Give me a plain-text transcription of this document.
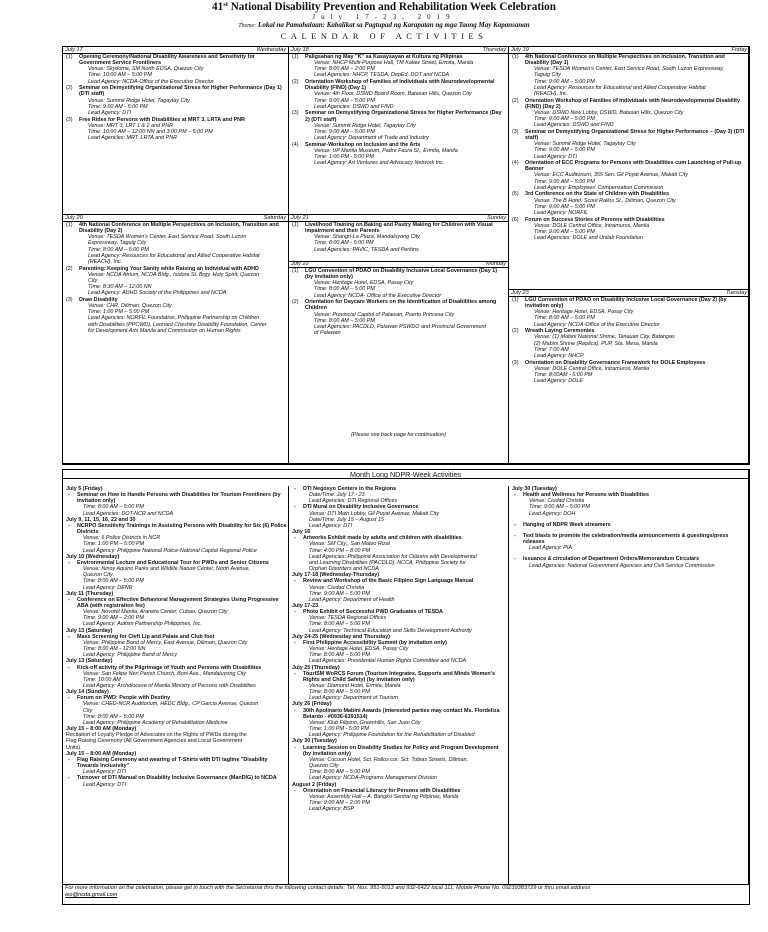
41st National Disability Prevention and Rehabilitation Week Celebration
July 17-23, 2019
Theme: Lokal na Pamahalaan: Kabalikat sa Pagtupad ng Karapatan ng mga Taong May Kapansanan
CALENDAR OF ACTIVITIES
July 17	Wednesday
(1)	Opening Ceremony/National Disability Awareness and Sensitivity for Government Service Frontliners
Venue: Skydome, SM North EDSA, Quezon City
Time: 10:00 AM – 5:00 PM
Lead Agency: NCDA-Office of the Executive Director
(2)	Seminar on Demystifying Organizational Stress for Higher Performance (Day 1) (DTI staff)
Venue: Summit Ridge Hotel, Tagaytay City
Time: 9:00 AM - 5:00 PM
Lead Agency: DTI
(3)	Free Rides for Persons with Disabilities at MRT 3, LRTA and PNR
Venue: MRT 3, LRT 1 & 2 and PNR
Time: 10:00 AM – 12:00 NN and 3:00 PM – 5:00 PM
Lead Agencies: MRT, LRTA and PNR
July 20	Saturday
(1)	4th National Conference on Multiple Perspectives on Inclusion, Transition and Disability (Day 2)
Venue: TESDA Women's Center, East Service Road, South Luzon
Expressway, Taguig City
Time: 8:00 AM – 5:00 PM
Lead Agency: Resources for Educational and Allied Cooperative Habitat
(REACH), Inc.
(2)	Parenting: Keeping Your Sanity while Raising an Individual with ADHD
Venue: NCDA Atrium, NCDA Bldg., Isidora St. Brgy. Holy Spirit, Quezon
City
Time: 8:30 AM – 12:00 NN
Lead Agency: ADHD Society of the Philippines and NCDA
(3)	Draw Disability
Venue: CHR, Diliman, Quezon City
Time: 1:00 PM – 5:00 PM
Lead Agencies: NORFIL Foundation, Philippine Partnership on Children
with Disabilities (PPCWD), Leonard Cheshire Disability Foundation, Center
for Development Arts Manila and Commission on Human Rights
July 18	Thursday
(1)	Paligsahan ng May "K" sa Kasaysayan at Kultura ng Pilipinas
Venue: NHCP Multi-Purpose Hall, TM Kalaw Street, Ermita, Manila
Time: 8:00 AM – 2:00 PM
Lead Agencies: NHCP, TESDA, DepEd, DOT and NCDA
(2)	Orientation Workshop of Families of Individuals with Neurodevelopmental Disability (FIND) (Day 1)
Venue: 4th Floor, DSWD Board Room, Batasan Hills, Quezon City
Time: 9:00 AM – 5:00 PM
Lead Agencies: DSWD and FIND
(3)	Seminar on Demystifying Organizational Stress for Higher Performance (Day 2) (DTI staff)
Venue: Summit Ridge Hotel, Tagaytay City
Time: 9:00 AM – 5:00 PM
Lead Agency: Department of Trade and Industry
(4)	Seminar-Workshop on Inclusion and the Arts
Venue: UP Manila Museum, Padre Faura St., Ermita, Manila
Time: 1:00 PM - 5:00 PM
Lead Agency: Art Ventures and Advocacy Network Inc.
July 21	Sunday
(1)	Livelihood Training on Baking and Pastry Making for Children with Visual Impairment and their Parents
Venue: Shangri-La Plaza, Mandaluyong City
Time: 8:00 AM - 5:00 PM
Lead Agencies: PAVIC, TESDA and Perkins
July 22	Monday
(1)	LGU Convention of PDAO on Disability Inclusive Local Governance (Day 1) (by invitation only)
Venue: Heritage Hotel, EDSA, Pasay City
Time: 8:00 AM – 5:00 PM
Lead Agency: NCDA- Office of the Executive Director
(2)	Orientation for Daycare Workers on the Identification of Disabilities among Children
Venue: Provincial Capitol of Palawan, Puerto Princesa City
Time: 8:00 AM – 5:00 PM
Lead Agencies: PACDLD, Palawan PSWDO and Provincial Government
of Palawan
(Please see back page for continuation)
July 19	Friday
(1)	4th National Conference on Multiple Perspectives on Inclusion, Transition and Disability (Day 1)
Venue: TESDA Women's Center, East Service Road, South Luzon Expressway,
Taguig City
Time: 9:00 AM – 5:00 PM
Lead Agency: Resources for Educational and Allied Cooperative Habitat
(REACH), Inc.
(2)	Orientation Workshop of Families of Individuals with Neurodevelopmental Disability (FIND) (Day 2)
Venue: DSWD New Lobby, DSWD, Batasan Hills, Quezon City
Time: 9:00 AM – 5:00 PM
Lead Agencies: DSWD and FIND
(3)	Seminar on Demystifying Organizational Stress for Higher Performance – (Day 3) (DTI staff)
Venue: Summit Ridge Hotel, Tagaytay City
Time: 9:00 AM – 5:00 PM
Lead Agency: DTI
(4)	Orientation of ECC Programs for Persons with Disabilities cum Launching of Pull-up Banner
Venue: ECC Auditorium, 355 Sen. Gil Puyat Avenue, Makati City
Time: 9:00 AM – 5:00 PM
Lead Agency: Employees' Compensation Commission
(5)	3rd Conference on the State of Children with Disabilities
Venue: The B Hotel, Scout Rallos St., Diliman, Quezon City
Time: 9:00 AM – 5:00 PM
Lead Agency: NORFIL
(6)	Forum on Success Stories of Persons with Disabilities
Venue: DOLE Central Office, Intramuros, Manila
Time: 9:00 AM – 5:00 PM
Lead Agencies: DOLE and Unilab Foundation
July 23	Tuesday
(1)	LGU Convention of PDAO on Disability Inclusive Local Governance (Day 2) (by invitation only)
Venue: Heritage Hotel, EDSA, Pasay City
Time: 8:00 AM – 5:00 PM
Lead Agency: NCDA-Office of the Executive Director
(2)	Wreath Laying Ceremonies
Venue: (1) Mabini National Shrine, Tanauan City, Batangas
(2) Mabini Shrine (Replica), PUP, Sta. Mesa, Manila
Time: 7:00 AM
Lead Agency: NHCP
(3)	Orientation on Disability Governance Framework for DOLE Employees
Venue: DOLE Central Office, Intramuros, Manila
Time: 8:00AM - 5:00 PM
Lead Agency: DOLE
Month Long NDPR-Week Activities
July 5 (Friday)
-	Seminar on How to Handle Persons with Disabilities for Tourism Frontliners (by invitation only)
Time: 8:00 AM – 5:00 PM
Lead Agencies: DOT-NCR and NCDA
July 9, 11, 15, 16, 22 and 30
-	NCRPO Sensitivity Trainings in Assisting Persons with Disability for Six (6) Police Districts
Venue: 6 Police Districts in NCR
Time: 1:00 PM – 5:00 PM
Lead Agency: Philippine National Police-National Capital Regional Police
July 10 (Wednesday)
-	Environmental Lecture and Educational Tour for PWDs and Senior Citizens
Venue: Ninoy Aquino Parks and Wildlife Nature Center, North Avenue,
Quezon City
Time: 8:00 AM – 5:00 PM
Lead Agency: DENR
July 11 (Thursday)
-	Conference on Effective Behavioral Management Strategies Using Progressive ABA (with registration fee)
Venue: Novotel Manila, Araneta Center, Cubao, Quezon City
Time: 9:00 AM – 2:00 PM
Lead Agency: Autism Partnership Philippines, Inc.
July 13 (Saturday)
-	Mass Screening for Cleft Lip and Palate and Club foot
Venue: Philippine Band of Mercy, East Avenue, Diliman, Quezon City
Time: 8:00 AM - 12:00 NN
Lead Agency: Philippine Band of Mercy
July 13 (Saturday)
-	Kick-off activity of the Pilgrimage of Youth and Persons with Disabilities
Venue: San Felipe Neri Parish Church, Boni Ave., Mandaluyong City
Time: 10:00 AM
Lead Agency: Archdiocese of Manila Ministry of Persons with Disabilities
July 14 (Sunday)
-	Forum on PWD: People with Destiny
Venue: CHED-NCR Auditorium, HEDC Bldg., CP Garcia Avenue, Quezon
City
Time: 8:00 AM – 5:00 PM
Lead Agency: Philippine Academy of Rehabilitation Medicine
July 15 – 8:00 AM (Monday)
Recitation of Loyalty Pledge of Advocates on the Rights of PWDs during the
Flag Raising Ceremony (All Government Agencies and Local Government
Units)
July 15 – 8:00 AM (Monday)
-	Flag Raising Ceremony and wearing of T-Shirts with DTI tagline "Disability Towards Inclusivity"
Lead Agency: DTI
-	Turnover of DTI Manual on Disability Inclusive Governance (ManDIG) to NCDA
Lead Agency: DTI
-	DTI Negosyo Centers in the Regions
Date/Time: July 17 - 23
Lead Agencies: DTI Regional Offices
-	DTI Mural on Disability Inclusive Governance
Venue: DTI Main Lobby, Gil Puyat Avenue, Makati City
Date/Time: July 15 – August 15
Lead Agency: DTI
July 16
-	Artworks Exhibit made by adults and children with disabilities
Venue: SM City,, San Mateo Rizal
Time: 4:00 PM – 8:00 PM
Lead Agencies: Philippine Association for Citizens with Developmental
and Learning Disabilities (PACDLD), NCCA, Philippine Society for
Orphan Disorders and NCDA
July 17-18 (Wednesday-Thursday)
-	Review and Workshop of the Basic Filipino Sign Language Manual
Venue: Ciudad Christia
Time: 9:00 AM – 5:00 PM
Lead Agency: Department of Health
July 17-23
-	Photo Exhibit of Successful PWD Graduates of TESDA
Venue: TESDA Regional Offices
Time: 8:00 AM – 5:00 PM
Lead Agency: Technical Education and Skills Development Authority
July 24-25 (Wednesday and Thursday)
-	First Philippine Accessibility Summit (by invitation only)
Venue: Heritage Hotel, EDSA, Pasay City
Time: 8:00 AM – 5:00 PM
Lead Agencies: Presidential Human Rights Committee and NCDA
July 25 (Thursday)
-	TourISM WoRCS Forum (Tourism Integrates, Supports and Minds Women's Rights and Child Safety) (by invitation only)
Venue: Diamond Hotel, Ermita, Manila
Time: 8:00 AM – 5:00 PM
Lead Agency: Department of Tourism
July 26 (Friday)
-	30th Apolinario Mabini Awards (interested parties may contact Ms. Flordeliza Belardo - #0936-6391514)
Venue: Klub Filipino, Greenhills, San Juan City
Time: 1:00 PM - 5:00 PM
Lead Agency: Philippine Foundation for the Rehabilitation of Disabled
July 30 (Tuesday)
-	Learning Session on Disability Studies for Policy and Program Development (by invitation only)
Venue: Cocoon Hotel, Sct. Rallos cor. Sct. Tobias Streets, Diliman,
Quezon City
Time: 8:00 AM – 5:00 PM
Lead Agency: NCDA-Programs Management Division
August 2 (Friday)
-	Orientation on Financial Literacy for Persons with Disabilities
Venue: Assembly Hall – A. Bangko Sentral ng Pilipinas, Manila
Time: 9:00 AM – 2:00 PM
Lead Agency: BSP
July 30 (Tuesday)
-	Health and Wellness for Persons with Disabilities
Venue: Ciudad Christia
Time: 9:00 AM – 5:00 PM
Lead Agency: DOH
-	Hanging of NDPR Week streamers
-	Text blasts to promote the celebration/media announcements & guestings/press releases
Lead Agency: PIA
-	Issuance & circulation of Department Orders/Memorandum Circulars
Lead Agencies: National Government Agencies and Civil Service Commission
For more information on the celebration, please get in touch with the Secretariat thru the following contact details: Tel. Nos. 951-5013 and 932-6422 local 111; Mobile Phone No. 09239383729 or thru email address
ieo@ncda.gmail.com
